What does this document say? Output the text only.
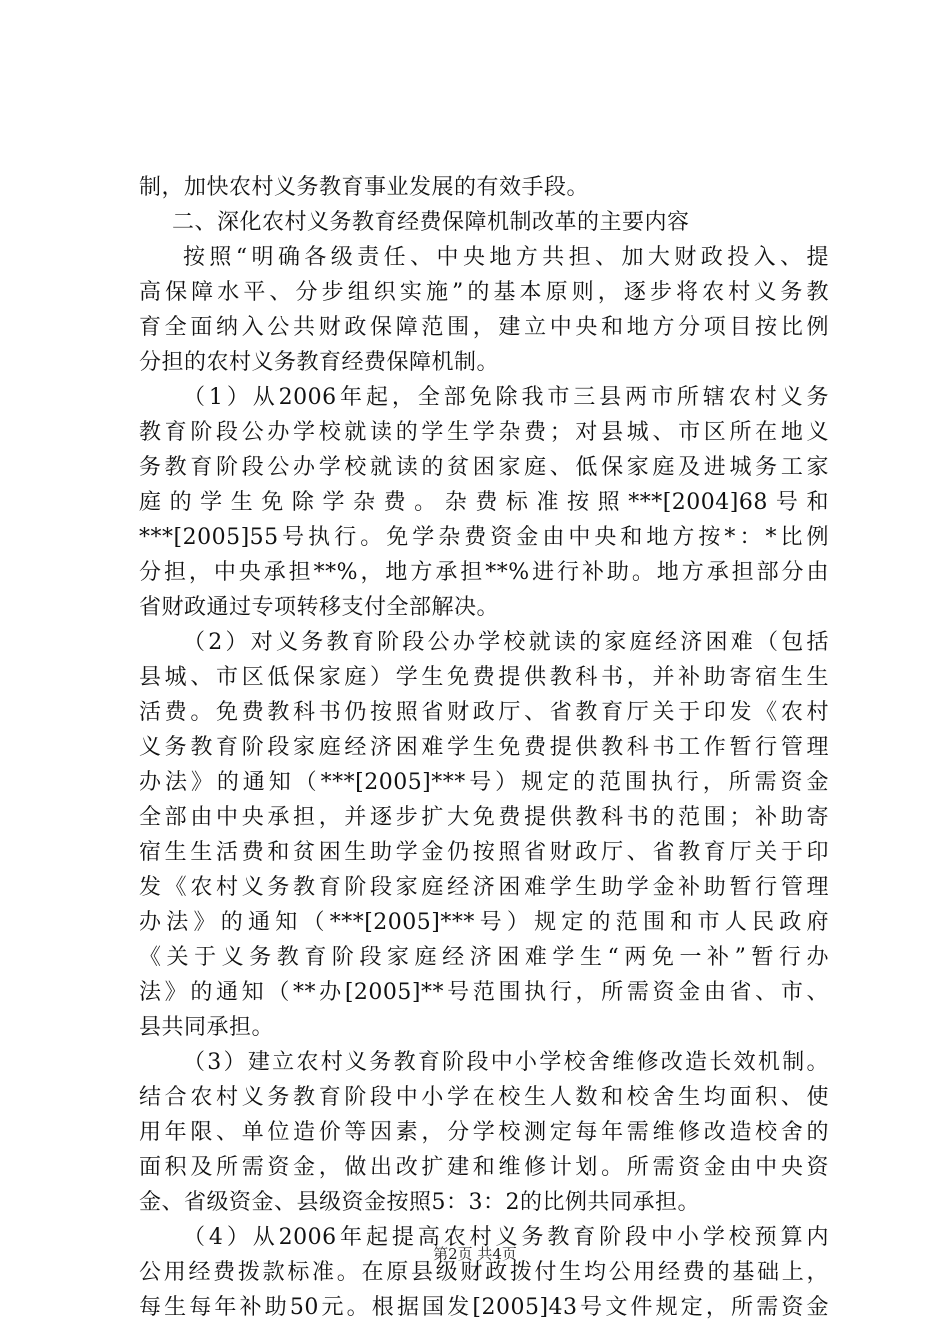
制，加快农村义务教育事业发展的有效手段。
二、深化农村义务教育经费保障机制改革的主要内容
按照“明确各级责任、中央地方共担、加大财政投入、提
高保障水平、分步组织实施”的基本原则，逐步将农村义务教
育全面纳入公共财政保障范围，建立中央和地方分项目按比例
分担的农村义务教育经费保障机制。
（1）从2006年起，全部免除我市三县两市所辖农村义务
教育阶段公办学校就读的学生学杂费；对县城、市区所在地义
务教育阶段公办学校就读的贫困家庭、低保家庭及进城务工家
庭的学生免除学杂费。杂费标准按照***[2004]68号和
***[2005]55号执行。免学杂费资金由中央和地方按*：*比例
分担，中央承担**%，地方承担**%进行补助。地方承担部分由
省财政通过专项转移支付全部解决。
（2）对义务教育阶段公办学校就读的家庭经济困难（包括
县城、市区低保家庭）学生免费提供教科书，并补助寄宿生生
活费。免费教科书仍按照省财政厅、省教育厅关于印发《农村
义务教育阶段家庭经济困难学生免费提供教科书工作暂行管理
办法》的通知（***[2005]***号）规定的范围执行，所需资金
全部由中央承担，并逐步扩大免费提供教科书的范围；补助寄
宿生生活费和贫困生助学金仍按照省财政厅、省教育厅关于印
发《农村义务教育阶段家庭经济困难学生助学金补助暂行管理
办法》的通知（***[2005]***号）规定的范围和市人民政府
《关于义务教育阶段家庭经济困难学生“两免一补”暂行办
法》的通知（**办[2005]**号范围执行，所需资金由省、市、
县共同承担。
（3）建立农村义务教育阶段中小学校舍维修改造长效机制。
结合农村义务教育阶段中小学在校生人数和校舍生均面积、使
用年限、单位造价等因素，分学校测定每年需维修改造校舍的
面积及所需资金，做出改扩建和维修计划。所需资金由中央资
金、省级资金、县级资金按照5：3：2的比例共同承担。
（4）从2006年起提高农村义务教育阶段中小学校预算内
公用经费拨款标准。在原县级财政拨付生均公用经费的基础上，
每生每年补助50元。根据国发[2005]43号文件规定，所需资金
第2页 共4页
